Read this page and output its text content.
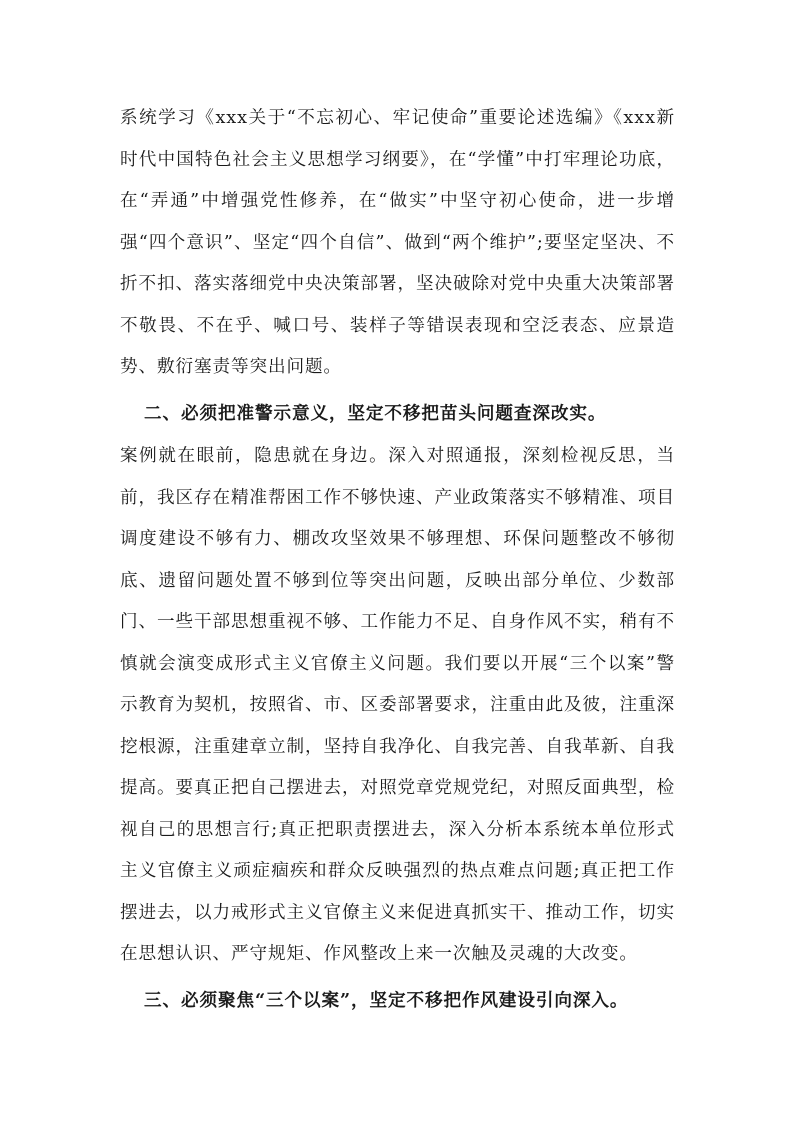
系统学习《xxx关于“不忘初心、牢记使命”重要论述选编》《xxx新时代中国特色社会主义思想学习纲要》，在“学懂”中打牢理论功底，在“弄通”中增强党性修养，在“做实”中坚守初心使命，进一步增强“四个意识”、坚定“四个自信”、做到“两个维护”;要坚定坚决、不折不扣、落实落细党中央决策部署，坚决破除对党中央重大决策部署不敬畏、不在乎、喊口号、装样子等错误表现和空泛表态、应景造势、敷衍塞责等突出问题。

二、必须把准警示意义，坚定不移把苗头问题查深改实。

案例就在眼前，隐患就在身边。深入对照通报，深刻检视反思，当前，我区存在精准帮困工作不够快速、产业政策落实不够精准、项目调度建设不够有力、棚改攻坚效果不够理想、环保问题整改不够彻底、遗留问题处置不够到位等突出问题，反映出部分单位、少数部门、一些干部思想重视不够、工作能力不足、自身作风不实，稍有不慎就会演变成形式主义官僚主义问题。我们要以开展“三个以案”警示教育为契机，按照省、市、区委部署要求，注重由此及彼，注重深挖根源，注重建章立制，坚持自我净化、自我完善、自我革新、自我提高。要真正把自己摆进去，对照党章党规党纪，对照反面典型，检视自己的思想言行;真正把职责摆进去，深入分析本系统本单位形式主义官僚主义顽症痼疾和群众反映强烈的热点难点问题;真正把工作摆进去，以力戒形式主义官僚主义来促进真抓实干、推动工作，切实在思想认识、严守规矩、作风整改上来一次触及灵魂的大改变。

三、必须聚焦“三个以案”，坚定不移把作风建设引向深入。
